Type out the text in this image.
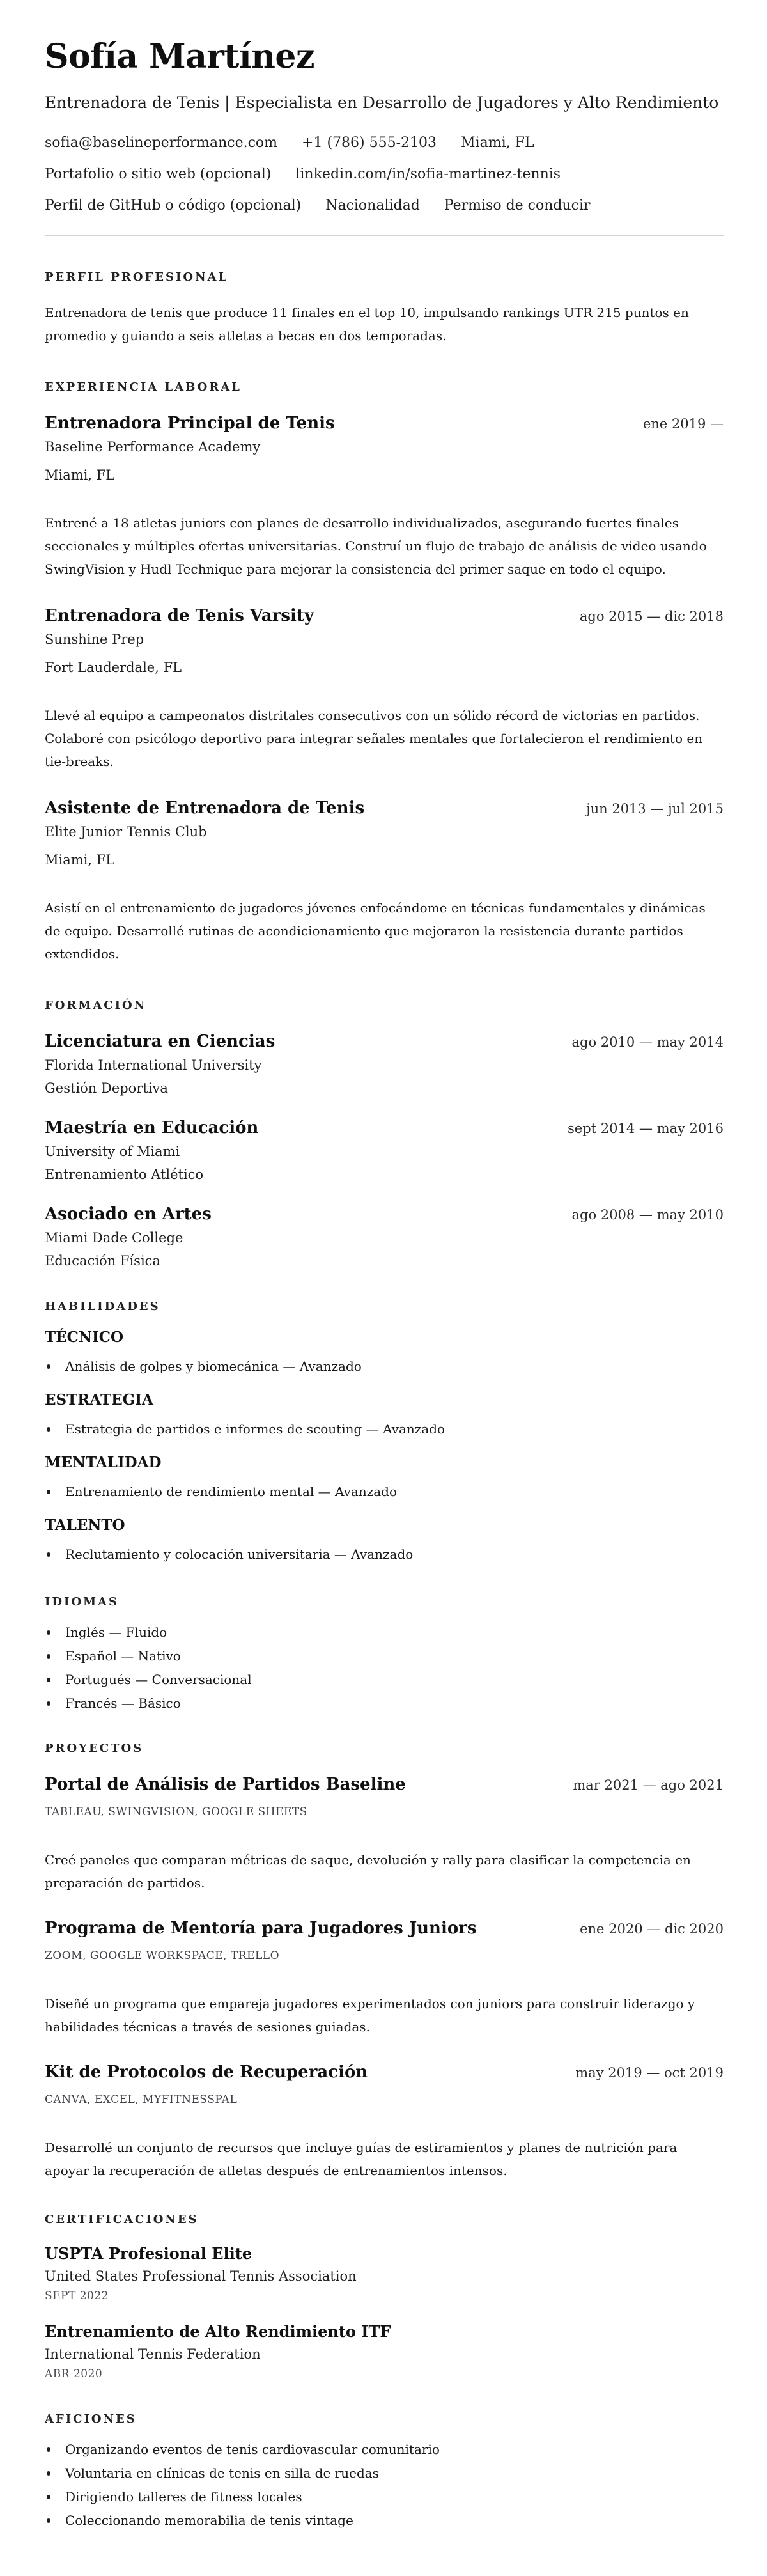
Sofía Martínez

Entrenadora de Tenis | Especialista en Desarrollo de Jugadores y Alto Rendimiento

sofia@baselineperformance.com +1 (786) 555-2103 Miami, FL
Portafolio o sitio web (opcional) linkedin.com/in/sofia-martinez-tennis
Perfil de GitHub o código (opcional) Nacionalidad Permiso de conducir
PERFIL PROFESIONAL

Entrenadora de tenis que produce 11 finales en el top 10, impulsando rankings UTR 215 puntos en promedio y guiando a seis atletas a becas en dos temporadas.

EXPERIENCIA LABORAL
Entrenadora Principal de Tenis	ene 2019 —

Baseline Performance Academy

Miami, FL

Entrené a 18 atletas juniors con planes de desarrollo individualizados, asegurando fuertes finales seccionales y múltiples ofertas universitarias. Construí un flujo de trabajo de análisis de video usando SwingVision y Hudl Technique para mejorar la consistencia del primer saque en todo el equipo.

Entrenadora de Tenis Varsity	ago 2015 — dic 2018

Sunshine Prep

Fort Lauderdale, FL

Llevé al equipo a campeonatos distritales consecutivos con un sólido récord de victorias en partidos. Colaboré con psicólogo deportivo para integrar señales mentales que fortalecieron el rendimiento en tie-breaks.

Asistente de Entrenadora de Tenis	jun 2013 — jul 2015

Elite Junior Tennis Club

Miami, FL

Asistí en el entrenamiento de jugadores jóvenes enfocándome en técnicas fundamentales y dinámicas de equipo. Desarrollé rutinas de acondicionamiento que mejoraron la resistencia durante partidos extendidos.

FORMACIÓN
Licenciatura en Ciencias	ago 2010 — may 2014

Florida International University

Gestión Deportiva

Maestría en Educación	sept 2014 — may 2016

University of Miami

Entrenamiento Atlético

Asociado en Artes	ago 2008 — may 2010

Miami Dade College

Educación Física

HABILIDADES
TÉCNICO
Análisis de golpes y biomecánica — Avanzado
ESTRATEGIA
Estrategia de partidos e informes de scouting — Avanzado
MENTALIDAD
Entrenamiento de rendimiento mental — Avanzado
TALENTO
Reclutamiento y colocación universitaria — Avanzado
IDIOMAS
Inglés — Fluido
Español — Nativo
Portugués — Conversacional
Francés — Básico
PROYECTOS
Portal de Análisis de Partidos Baseline	mar 2021 — ago 2021

TABLEAU, SWINGVISION, GOOGLE SHEETS

Creé paneles que comparan métricas de saque, devolución y rally para clasificar la competencia en preparación de partidos.

Programa de Mentoría para Jugadores Juniors	ene 2020 — dic 2020

ZOOM, GOOGLE WORKSPACE, TRELLO

Diseñé un programa que empareja jugadores experimentados con juniors para construir liderazgo y habilidades técnicas a través de sesiones guiadas.

Kit de Protocolos de Recuperación	may 2019 — oct 2019

CANVA, EXCEL, MYFITNESSPAL

Desarrollé un conjunto de recursos que incluye guías de estiramientos y planes de nutrición para apoyar la recuperación de atletas después de entrenamientos intensos.

CERTIFICACIONES
USPTA Profesional Elite

United States Professional Tennis Association

SEPT 2022

Entrenamiento de Alto Rendimiento ITF

International Tennis Federation

ABR 2020

AFICIONES
Organizando eventos de tenis cardiovascular comunitario
Voluntaria en clínicas de tenis en silla de ruedas
Dirigiendo talleres de fitness locales
Coleccionando memorabilia de tenis vintage
